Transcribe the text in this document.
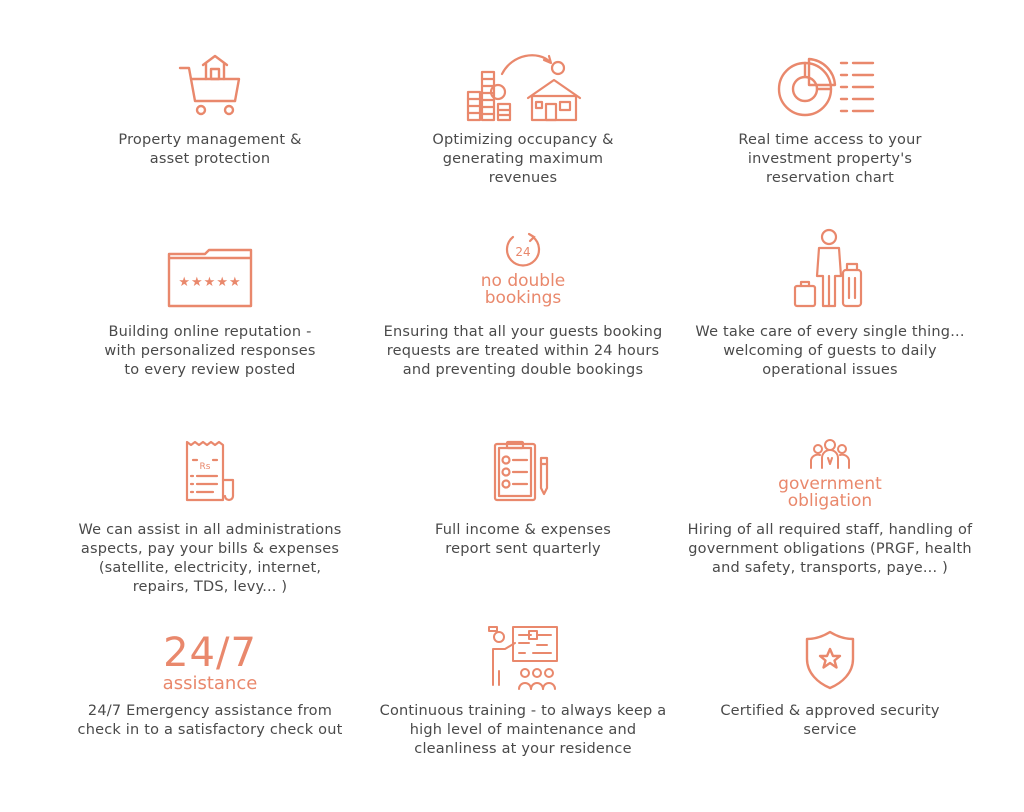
Property management &
asset protection
Optimizing occupancy &
generating maximum
revenues
Real time access to your
investment property's
reservation chart
★★★★★
Building online reputation -
with personalized responses
to every review posted
24
no double
bookings
Ensuring that all your guests booking
requests are treated within 24 hours
and preventing double bookings
We take care of every single thing...
welcoming of guests to daily
operational issues
Rs
We can assist in all administrations
aspects, pay your bills & expenses
(satellite, electricity, internet,
repairs, TDS, levy... )
Full income & expenses
report sent quarterly
government
obligation
Hiring of all required staff, handling of
government obligations (PRGF, health
and safety, transports, paye... )
24/7
assistance
24/7 Emergency assistance from
check in to a satisfactory check out
Continuous training - to always keep a
high level of maintenance and
cleanliness at your residence
Certified & approved security
service
